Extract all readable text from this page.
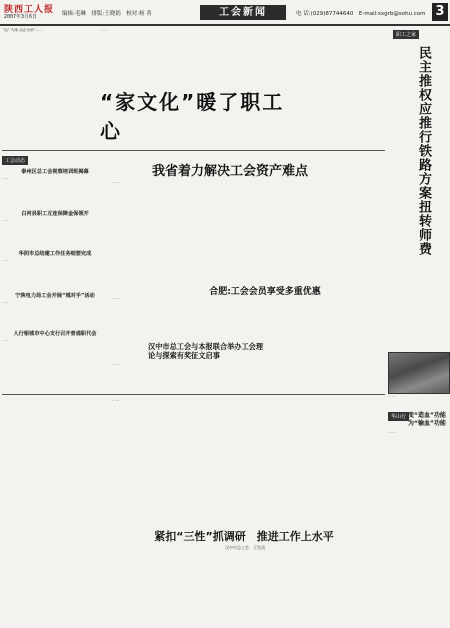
陕西工人报
2007年3月6日	编辑:毛琳　排版:王晓娟　校对:杨 菁	工会新闻	电 话:(029)87744640　E-mail:sxgrb@sohu.com 3
“以厂为家,以企为荣”……	……
“家文化”暖了职工心
职工之家
民主推权应推行铁路方案扭转师费
工会动态
泰州区总工会视察培训班揭幕
……
白河县职工互连保障金保领开
……
华阴市总结建工作任务细要完成
……
宁陕电力局工会开展“城对手”活动
……
人行银城市中心支行召开普通职代会
……
我省着力解决工会资产难点
……
合肥:工会会员享受多重优惠
……
汉中市总工会与本报联合举办工会理论与探索有奖征文启事
……
……
华山行 变“造血”功能为“输血”功能
……
……
紧扣“三性”抓调研　推进工作上水平
汉中市总工会　王发清
